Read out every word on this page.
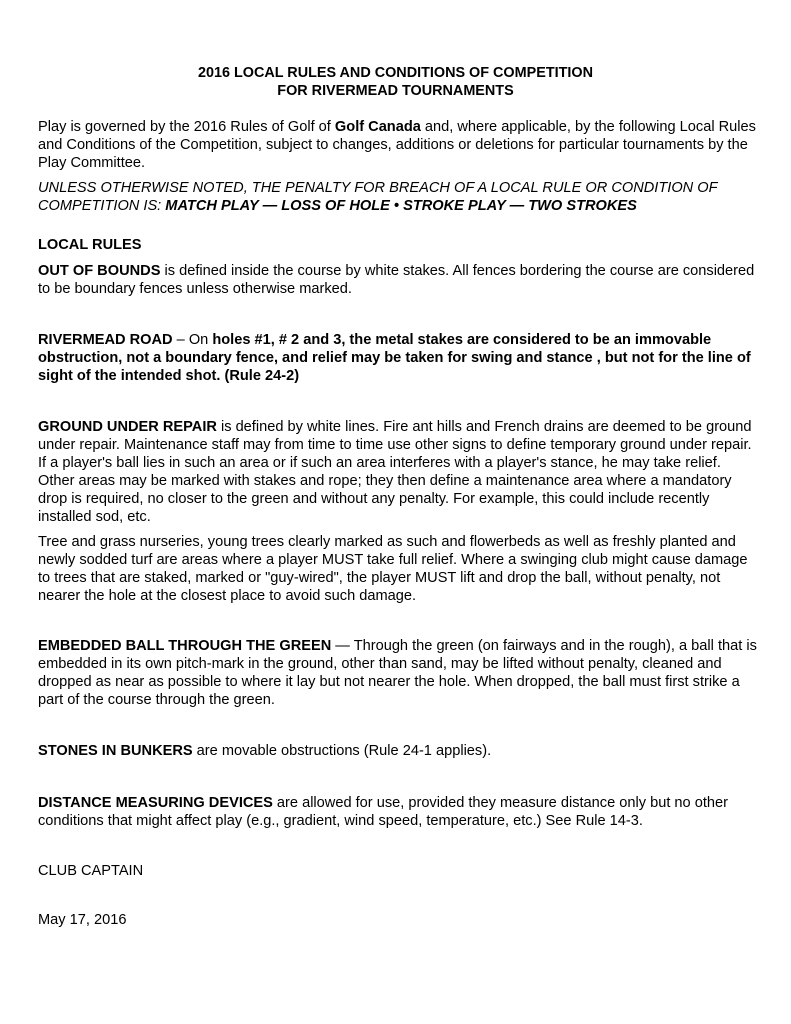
2016 LOCAL RULES AND CONDITIONS OF COMPETITION
FOR RIVERMEAD TOURNAMENTS

Play is governed by the 2016 Rules of Golf of Golf Canada and, where applicable, by the following Local Rules and Conditions of the Competition, subject to changes, additions or deletions for particular tournaments by the Play Committee.

UNLESS OTHERWISE NOTED, THE PENALTY FOR BREACH OF A LOCAL RULE OR CONDITION OF COMPETITION IS: MATCH PLAY — LOSS OF HOLE • STROKE PLAY — TWO STROKES

LOCAL RULES

OUT OF BOUNDS is defined inside the course by white stakes. All fences bordering the course are considered to be boundary fences unless otherwise marked.

RIVERMEAD ROAD – On holes #1, # 2 and 3, the metal stakes are considered to be an immovable obstruction, not a boundary fence, and relief may be taken for swing and stance , but not for the line of sight of the intended shot. (Rule 24-2)

GROUND UNDER REPAIR is defined by white lines. Fire ant hills and French drains are deemed to be ground under repair. Maintenance staff may from time to time use other signs to define temporary ground under repair. If a player's ball lies in such an area or if such an area interferes with a player's stance, he may take relief. Other areas may be marked with stakes and rope; they then define a maintenance area where a mandatory drop is required, no closer to the green and without any penalty. For example, this could include recently installed sod, etc.

Tree and grass nurseries, young trees clearly marked as such and flowerbeds as well as freshly planted and newly sodded turf are areas where a player MUST take full relief. Where a swinging club might cause damage to trees that are staked, marked or "guy-wired", the player MUST lift and drop the ball, without penalty, not nearer the hole at the closest place to avoid such damage.

EMBEDDED BALL THROUGH THE GREEN — Through the green (on fairways and in the rough), a ball that is embedded in its own pitch-mark in the ground, other than sand, may be lifted without penalty, cleaned and dropped as near as possible to where it lay but not nearer the hole. When dropped, the ball must first strike a part of the course through the green.

STONES IN BUNKERS are movable obstructions (Rule 24-1 applies).

DISTANCE MEASURING DEVICES are allowed for use, provided they measure distance only but no other conditions that might affect play (e.g., gradient, wind speed, temperature, etc.) See Rule 14-3.

CLUB CAPTAIN

May 17, 2016
